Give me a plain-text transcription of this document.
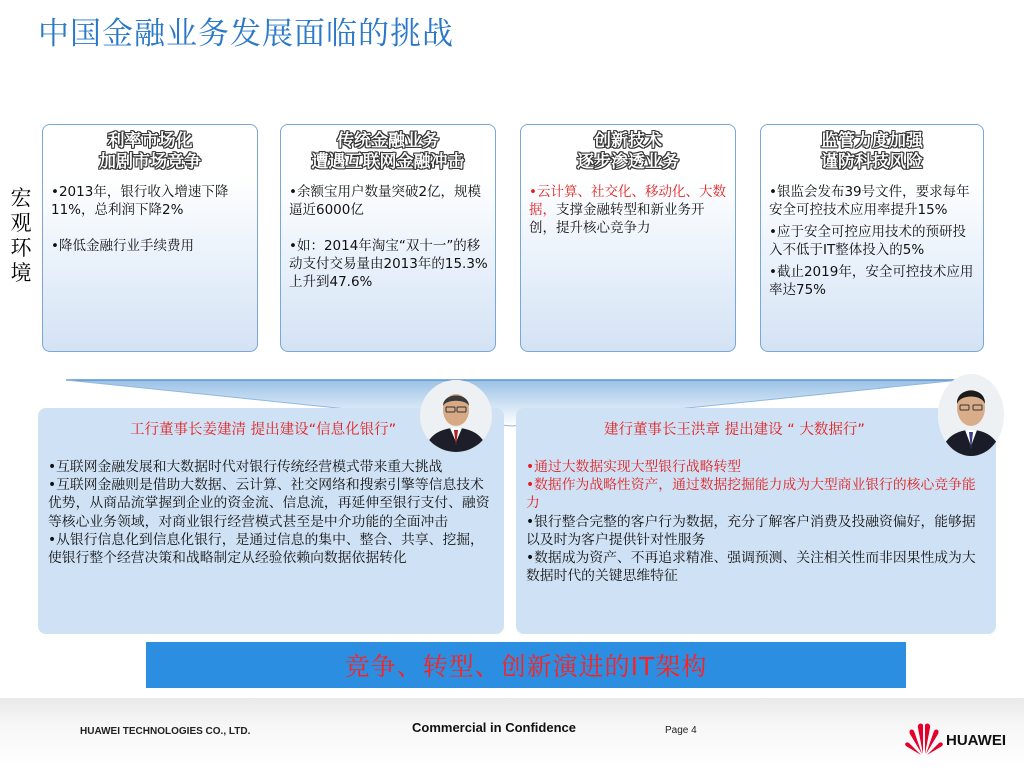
中国金融业务发展面临的挑战
宏
观
环
境
利率市场化
加剧市场竞争

•2013年，银行收入增速下降11%，总利润下降2%

•降低金融行业手续费用

传统金融业务
遭遇互联网金融冲击

•余额宝用户数量突破2亿，规模逼近6000亿

•如：2014年淘宝“双十一”的移动支付交易量由2013年的15.3%上升到47.6%

创新技术
逐步渗透业务

•云计算、社交化、移动化、大数据，支撑金融转型和新业务开创，提升核心竞争力

监管力度加强
谨防科技风险

•银监会发布39号文件，要求每年安全可控技术应用率提升15%

•应于安全可控应用技术的预研投入不低于IT整体投入的5%

•截止2019年，安全可控技术应用率达75%

工行董事长姜建清 提出建设“信息化银行”

•互联网金融发展和大数据时代对银行传统经营模式带来重大挑战

•互联网金融则是借助大数据、云计算、社交网络和搜索引擎等信息技术优势，从商品流掌握到企业的资金流、信息流，再延伸至银行支付、融资等核心业务领域，对商业银行经营模式甚至是中介功能的全面冲击

•从银行信息化到信息化银行，是通过信息的集中、整合、共享、挖掘，使银行整个经营决策和战略制定从经验依赖向数据依据转化

建行董事长王洪章 提出建设 “ 大数据行”

•通过大数据实现大型银行战略转型

•数据作为战略性资产，通过数据挖掘能力成为大型商业银行的核心竞争能力

•银行整合完整的客户行为数据，充分了解客户消费及投融资偏好，能够据以及时为客户提供针对性服务

•数据成为资产、不再追求精准、强调预测、关注相关性而非因果性成为大数据时代的关键思维特征

竞争、转型、创新演进的IT架构
HUAWEI TECHNOLOGIES CO., LTD.	Commercial in Confidence	Page 4
HUAWEI
